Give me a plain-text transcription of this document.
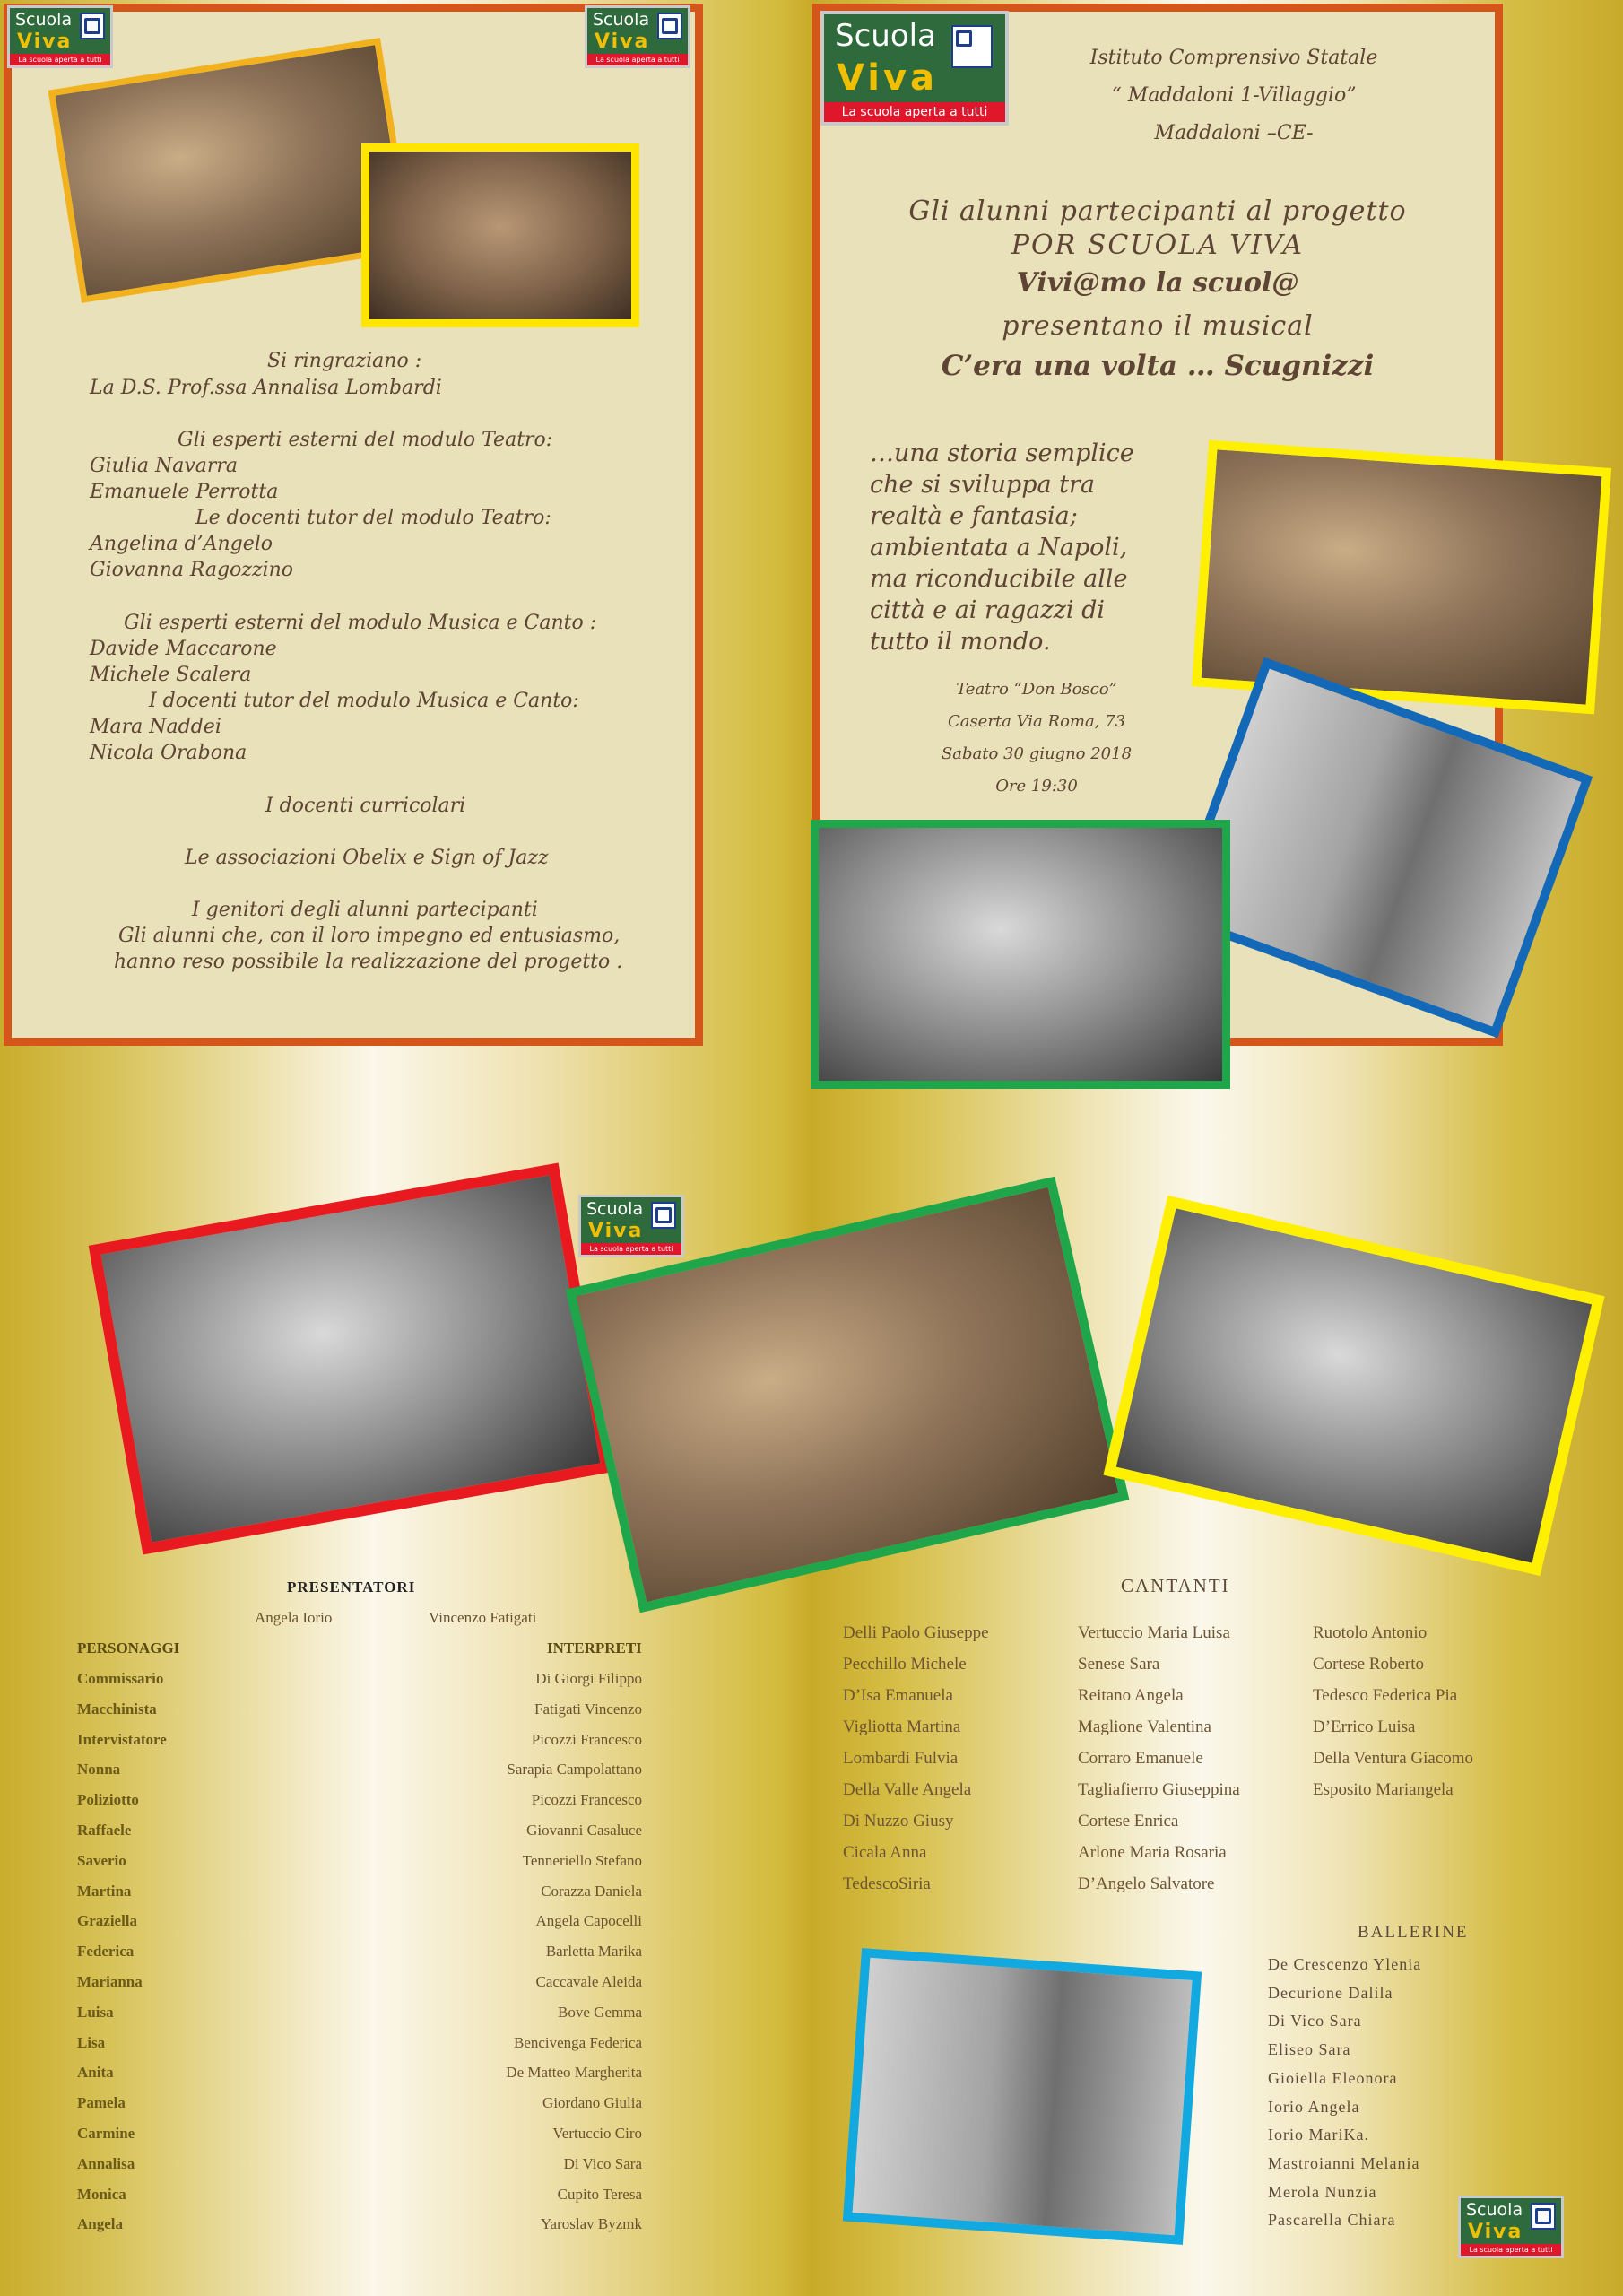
Scuola
Viva
La scuola aperta a tutti
Scuola
Viva
La scuola aperta a tutti
Si ringraziano :
La D.S. Prof.ssa Annalisa Lombardi
Gli esperti esterni del modulo Teatro:
Giulia Navarra
Emanuele Perrotta
Le docenti tutor del modulo Teatro:
Angelina d’Angelo
Giovanna Ragozzino
Gli esperti esterni del modulo Musica e Canto :
Davide Maccarone
Michele Scalera
I docenti tutor del modulo Musica e Canto:
Mara Naddei
Nicola Orabona
I docenti curricolari
Le associazioni Obelix e Sign of Jazz
I genitori degli alunni partecipanti
Gli alunni che, con il loro impegno ed entusiasmo,
hanno reso possibile la realizzazione del progetto .
Scuola
Viva
La scuola aperta a tutti
Istituto Comprensivo Statale
“ Maddaloni 1-Villaggio”
Maddaloni –CE-
Gli alunni partecipanti al progetto
POR SCUOLA VIVA
Vivi@mo la scuol@
presentano il musical
C’era una volta … Scugnizzi
…una storia semplice
che si sviluppa tra
realtà e fantasia;
ambientata a Napoli,
ma riconducibile alle
città e ai ragazzi di
tutto il mondo.
Teatro “Don Bosco”
Caserta Via Roma, 73
Sabato 30 giugno 2018
Ore 19:30
Scuola
Viva
La scuola aperta a tutti
PRESENTATORI
Angela Iorio	Vincenzo Fatigati
PERSONAGGI	INTERPRETI
Commissario	Di Giorgi Filippo
Macchinista	Fatigati Vincenzo
Intervistatore	Picozzi Francesco
Nonna	Sarapia Campolattano
Poliziotto	Picozzi Francesco
Raffaele	Giovanni Casaluce
Saverio	Tenneriello Stefano
Martina	Corazza Daniela
Graziella	Angela Capocelli
Federica	Barletta Marika
Marianna	Caccavale Aleida
Luisa	Bove Gemma
Lisa	Bencivenga Federica
Anita	De Matteo Margherita
Pamela	Giordano Giulia
Carmine	Vertuccio Ciro
Annalisa	Di Vico Sara
Monica	Cupito Teresa
Angela	Yaroslav Byzmk
CANTANTI
Delli Paolo Giuseppe
Pecchillo Michele
D’Isa Emanuela
Vigliotta Martina
Lombardi Fulvia
Della Valle Angela
Di Nuzzo Giusy
Cicala Anna
TedescoSiria
Vertuccio Maria Luisa
Senese Sara
Reitano Angela
Maglione Valentina
Corraro Emanuele
Tagliafierro Giuseppina
Cortese Enrica
Arlone Maria Rosaria
D’Angelo Salvatore
Ruotolo Antonio
Cortese Roberto
Tedesco Federica Pia
D’Errico Luisa
Della Ventura Giacomo
Esposito Mariangela
BALLERINE
De Crescenzo Ylenia
Decurione Dalila
Di Vico Sara
Eliseo Sara
Gioiella Eleonora
Iorio Angela
Iorio MariKa.
Mastroianni Melania
Merola Nunzia
Pascarella Chiara
Scuola
Viva
La scuola aperta a tutti
